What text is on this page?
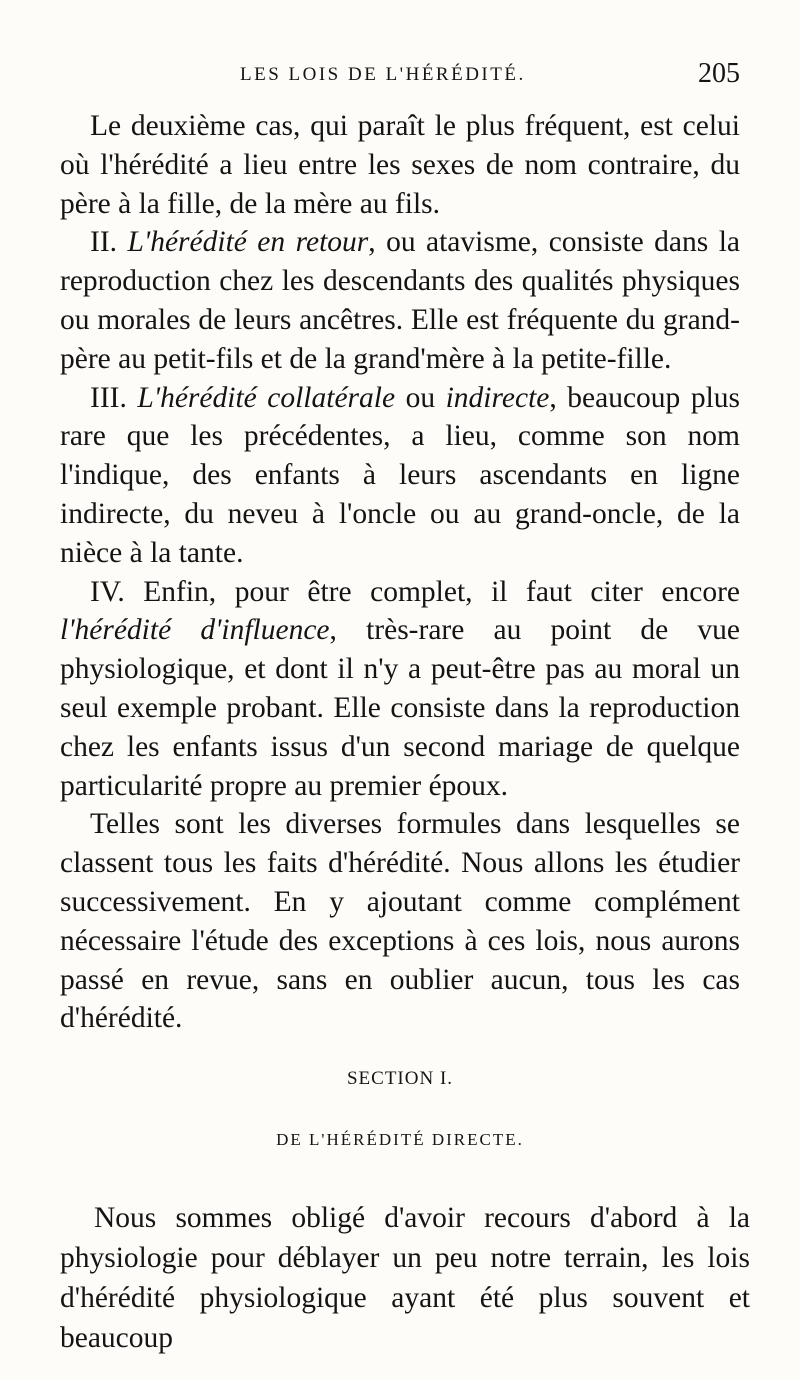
LES LOIS DE L'HÉRÉDITÉ.	205

Le deuxième cas, qui paraît le plus fréquent, est celui où l'hérédité a lieu entre les sexes de nom contraire, du père à la fille, de la mère au fils.

II. L'hérédité en retour, ou atavisme, consiste dans la reproduction chez les descendants des qualités physiques ou morales de leurs ancêtres. Elle est fréquente du grand-père au petit-fils et de la grand'mère à la petite-fille.

III. L'hérédité collatérale ou indirecte, beaucoup plus rare que les précédentes, a lieu, comme son nom l'indique, des enfants à leurs ascendants en ligne indirecte, du neveu à l'oncle ou au grand-oncle, de la nièce à la tante.

IV. Enfin, pour être complet, il faut citer encore l'hérédité d'influence, très-rare au point de vue physiologique, et dont il n'y a peut-être pas au moral un seul exemple probant. Elle consiste dans la reproduction chez les enfants issus d'un second mariage de quelque particularité propre au premier époux.

Telles sont les diverses formules dans lesquelles se classent tous les faits d'hérédité. Nous allons les étudier successivement. En y ajoutant comme complément nécessaire l'étude des exceptions à ces lois, nous aurons passé en revue, sans en oublier aucun, tous les cas d'hérédité.

SECTION I.
DE L'HÉRÉDITÉ DIRECTE.

Nous sommes obligé d'avoir recours d'abord à la physiologie pour déblayer un peu notre terrain, les lois d'hérédité physiologique ayant été plus souvent et beaucoup
